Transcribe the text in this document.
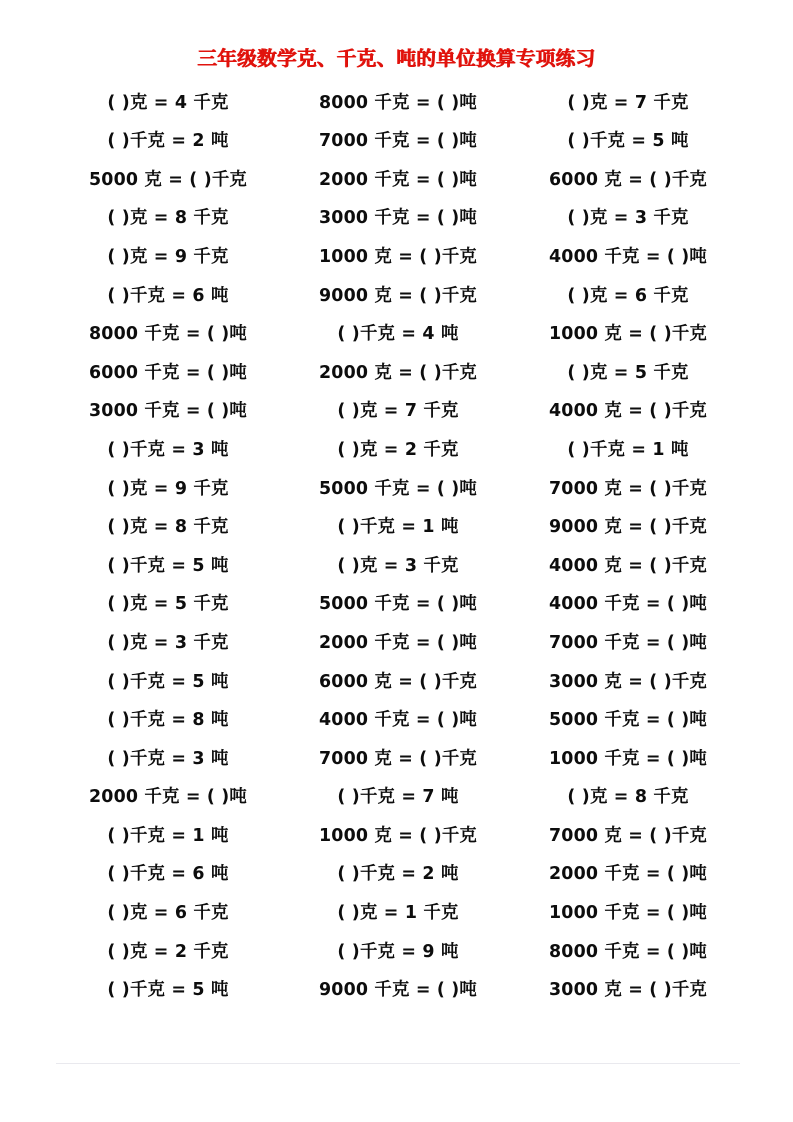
三年级数学克、千克、吨的单位换算专项练习
( )克 = 4 千克	8000 千克 = ( )吨	( )克 = 7 千克
( )千克 = 2 吨	7000 千克 = ( )吨	( )千克 = 5 吨
5000 克 = ( )千克	2000 千克 = ( )吨	6000 克 = ( )千克
( )克 = 8 千克	3000 千克 = ( )吨	( )克 = 3 千克
( )克 = 9 千克	1000 克 = ( )千克	4000 千克 = ( )吨
( )千克 = 6 吨	9000 克 = ( )千克	( )克 = 6 千克
8000 千克 = ( )吨	( )千克 = 4 吨	1000 克 = ( )千克
6000 千克 = ( )吨	2000 克 = ( )千克	( )克 = 5 千克
3000 千克 = ( )吨	( )克 = 7 千克	4000 克 = ( )千克
( )千克 = 3 吨	( )克 = 2 千克	( )千克 = 1 吨
( )克 = 9 千克	5000 千克 = ( )吨	7000 克 = ( )千克
( )克 = 8 千克	( )千克 = 1 吨	9000 克 = ( )千克
( )千克 = 5 吨	( )克 = 3 千克	4000 克 = ( )千克
( )克 = 5 千克	5000 千克 = ( )吨	4000 千克 = ( )吨
( )克 = 3 千克	2000 千克 = ( )吨	7000 千克 = ( )吨
( )千克 = 5 吨	6000 克 = ( )千克	3000 克 = ( )千克
( )千克 = 8 吨	4000 千克 = ( )吨	5000 千克 = ( )吨
( )千克 = 3 吨	7000 克 = ( )千克	1000 千克 = ( )吨
2000 千克 = ( )吨	( )千克 = 7 吨	( )克 = 8 千克
( )千克 = 1 吨	1000 克 = ( )千克	7000 克 = ( )千克
( )千克 = 6 吨	( )千克 = 2 吨	2000 千克 = ( )吨
( )克 = 6 千克	( )克 = 1 千克	1000 千克 = ( )吨
( )克 = 2 千克	( )千克 = 9 吨	8000 千克 = ( )吨
( )千克 = 5 吨	9000 千克 = ( )吨	3000 克 = ( )千克
